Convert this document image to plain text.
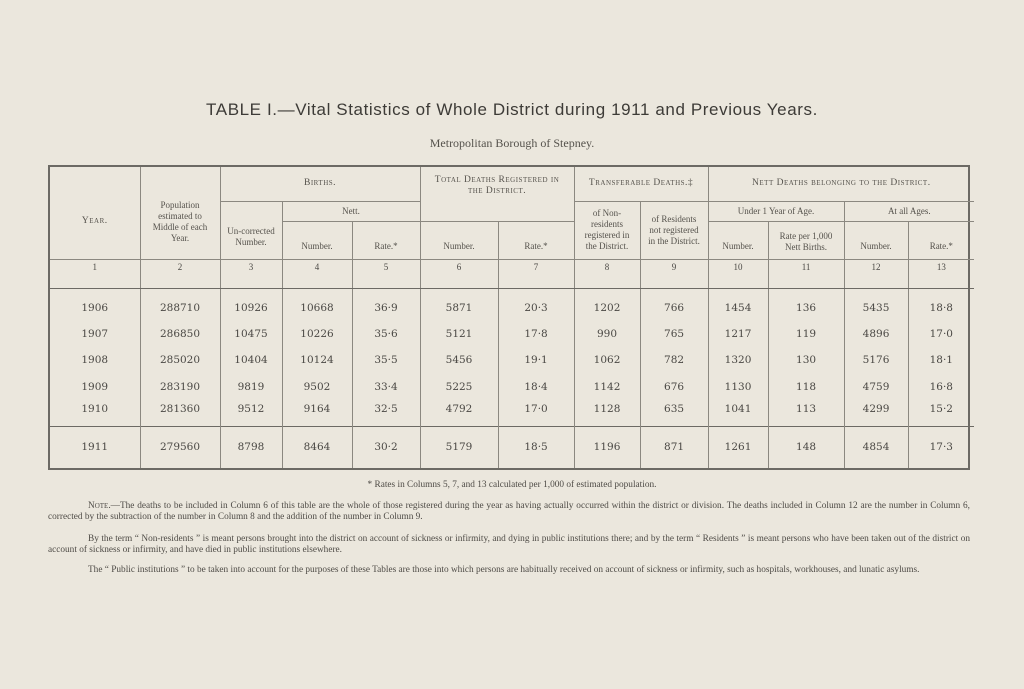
TABLE I.—Vital Statistics of Whole District during 1911 and Previous Years.
Metropolitan Borough of Stepney.
Year.	Population estimated to Middle of each Year.	Births.			Total Deaths Registered in the District.		Transferable Deaths.‡		Nett Deaths belonging to the District.			
		Un-corrected Number.	Nett.				of Non-residents registered in the District.	of Residents not registered in the District.	Under 1 Year of Age.		At all Ages.	
			Number.	Rate.*	Number.	Rate.*			Number.	Rate per 1,000 Nett Births.	Number.	Rate.*
1	2	3	4	5	6	7	8	9	10	11	12	13
1906	288710	10926	10668	36·9	5871	20·3	1202	766	1454	136	5435	18·8
1907	286850	10475	10226	35·6	5121	17·8	990	765	1217	119	4896	17·0
1908	285020	10404	10124	35·5	5456	19·1	1062	782	1320	130	5176	18·1
1909	283190	9819	9502	33·4	5225	18·4	1142	676	1130	118	4759	16·8
1910	281360	9512	9164	32·5	4792	17·0	1128	635	1041	113	4299	15·2
1911	279560	8798	8464	30·2	5179	18·5	1196	871	1261	148	4854	17·3
* Rates in Columns 5, 7, and 13 calculated per 1,000 of estimated population.
Note.—The deaths to be included in Column 6 of this table are the whole of those registered during the year as having actually occurred within the district or division. The deaths included in Column 12 are the number in Column 6, corrected by the subtraction of the number in Column 8 and the addition of the number in Column 9.
By the term “ Non-residents ” is meant persons brought into the district on account of sickness or infirmity, and dying in public institutions there; and by the term “ Residents ” is meant persons who have been taken out of the district on account of sickness or infirmity, and have died in public institutions elsewhere.
The “ Public institutions ” to be taken into account for the purposes of these Tables are those into which persons are habitually received on account of sickness or infirmity, such as hospitals, workhouses, and lunatic asylums.
